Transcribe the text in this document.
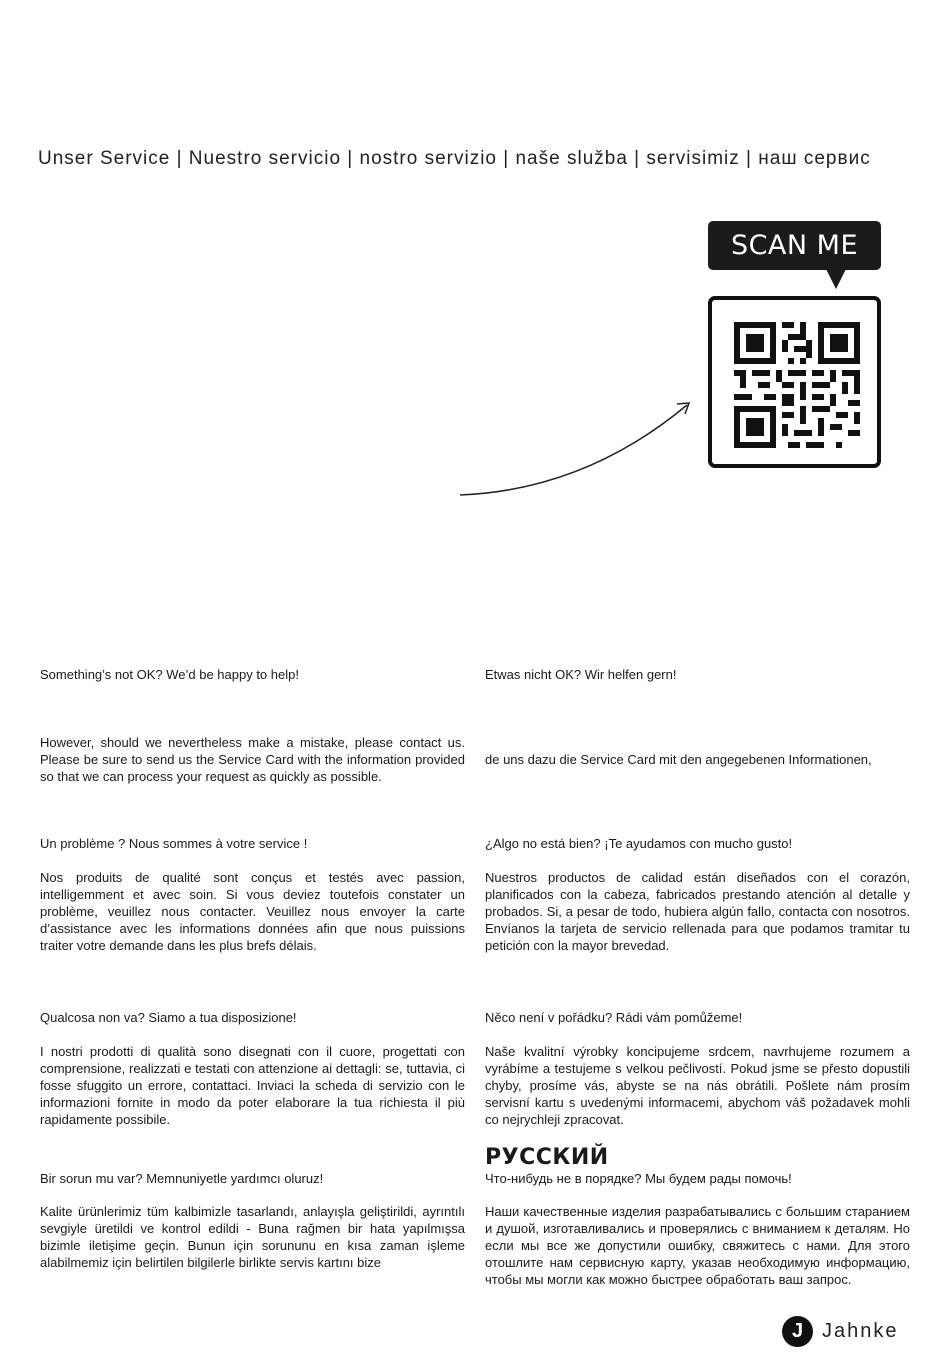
Unser Service | Nuestro servicio | nostro servizio | naše služba | servisimiz | наш сервис
SCAN ME
Something’s not OK? We’d be happy to help!

However, should we nevertheless make a mistake, please contact us. Please be sure to send us the Service Card with the information provided so that we can process your request as quickly as possible.

Etwas nicht OK? Wir helfen gern!

de uns dazu die Service Card mit den angegebenen Informationen,

Un problème ? Nous sommes à votre service !

Nos produits de qualité sont conçus et testés avec passion, intelligemment et avec soin. Si vous deviez toutefois constater un problème, veuillez nous contacter. Veuillez nous envoyer la carte d’assistance avec les informations données afin que nous puissions traiter votre demande dans les plus brefs délais.

¿Algo no está bien? ¡Te ayudamos con mucho gusto!

Nuestros productos de calidad están diseñados con el corazón, planificados con la cabeza, fabricados prestando atención al detalle y probados. Si, a pesar de todo, hubiera algún fallo, contacta con nosotros. Envíanos la tarjeta de servicio rellenada para que podamos tramitar tu petición con la mayor brevedad.

Qualcosa non va? Siamo a tua disposizione!

I nostri prodotti di qualità sono disegnati con il cuore, progettati con comprensione, realizzati e testati con attenzione ai dettagli: se, tuttavia, ci fosse sfuggito un errore, contattaci. Inviaci la scheda di servizio con le informazioni fornite in modo da poter elaborare la tua richiesta il più rapidamente possibile.

Něco není v pořádku? Rádi vám pomůžeme!

Naše kvalitní výrobky koncipujeme srdcem, navrhujeme rozumem a vyrábíme a testujeme s velkou pečlivostí. Pokud jsme se přesto dopustili chyby, prosíme vás, abyste se na nás obrátili. Pošlete nám prosím servisní kartu s uvedenými informacemi, abychom váš požadavek mohli co nejrychleji zpracovat.

Bir sorun mu var? Memnuniyetle yardımcı oluruz!

Kalite ürünlerimiz tüm kalbimizle tasarlandı, anlayışla geliştirildi, ayrıntılı sevgiyle üretildi ve kontrol edildi - Buna rağmen bir hata yapılmışsa bizimle iletişime geçin. Bunun için sorununu en kısa zaman işleme alabilmemiz için belirtilen bilgilerle birlikte servis kartını bize

РУССКИЙ
Что-нибудь не в порядке? Мы будем рады помочь!

Наши качественные изделия разрабатывались с большим старанием и душой, изготавливались и проверялись с вниманием к деталям. Но если мы все же допустили ошибку, свяжитесь с нами. Для этого отошлите нам сервисную карту, указав необходимую информацию, чтобы мы могли как можно быстрее обработать ваш запрос.

J Jahnke
